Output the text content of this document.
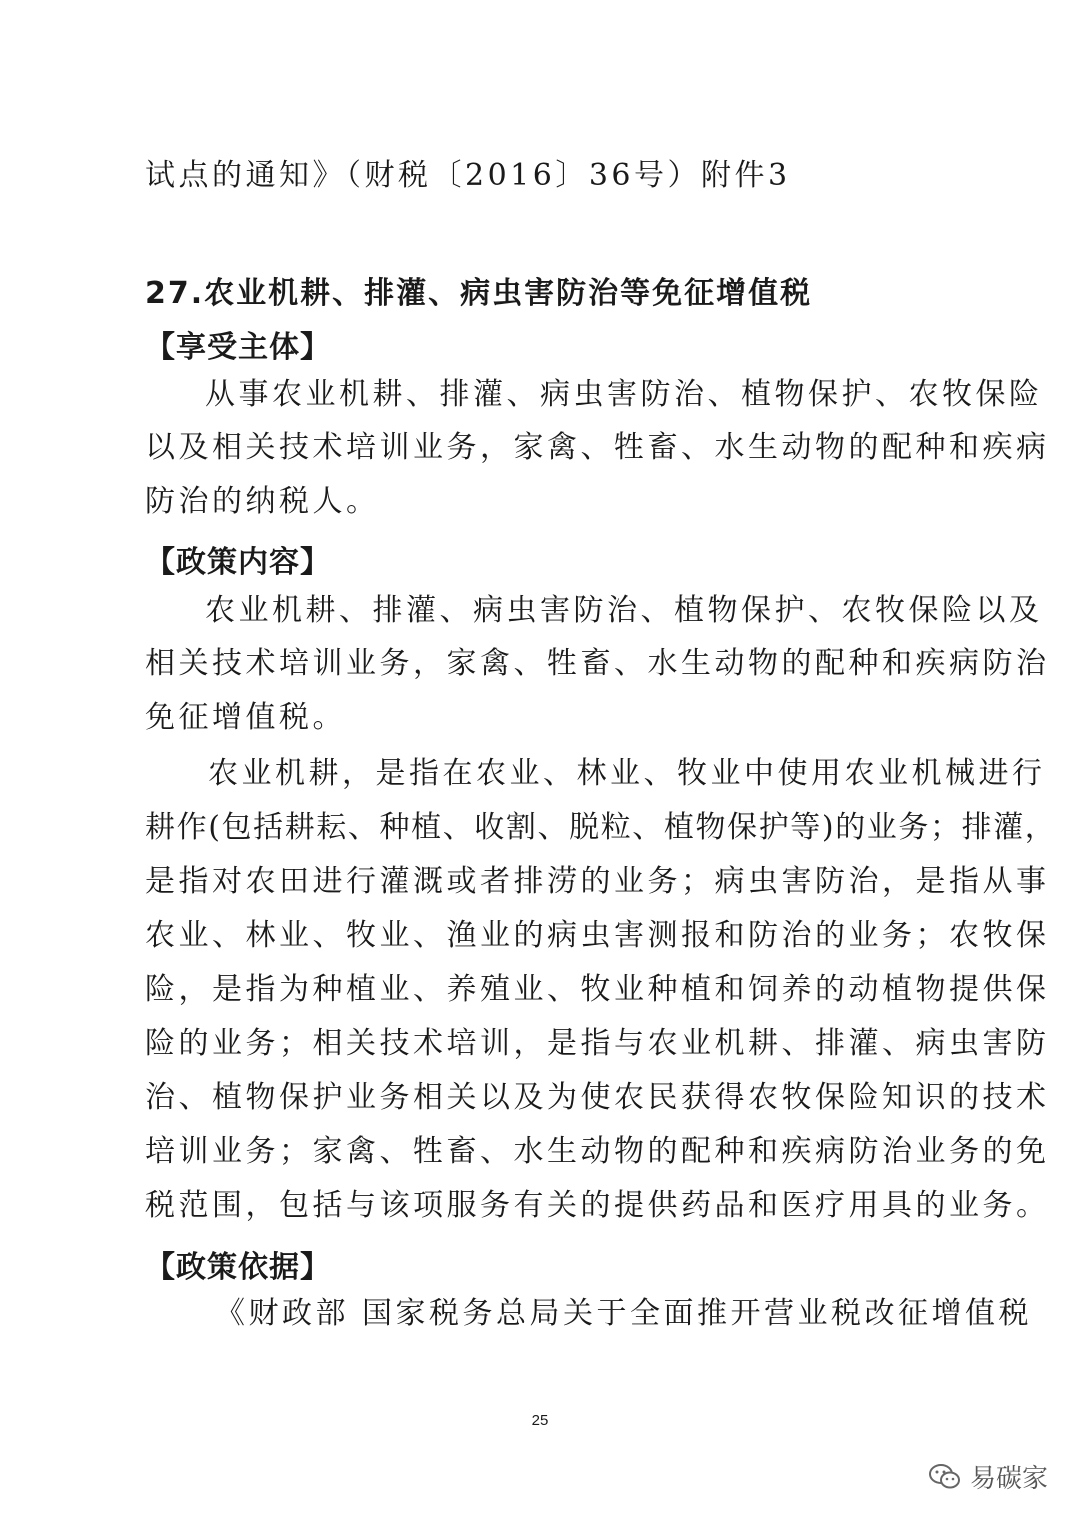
试点的通知》（财税〔2016〕36号）附件3
27.农业机耕、排灌、病虫害防治等免征增值税
【享受主体】
从事农业机耕、排灌、病虫害防治、植物保护、农牧保险
以及相关技术培训业务，家禽、牲畜、水生动物的配种和疾病
防治的纳税人。
【政策内容】
农业机耕、排灌、病虫害防治、植物保护、农牧保险以及
相关技术培训业务，家禽、牲畜、水生动物的配种和疾病防治
免征增值税。
农业机耕，是指在农业、林业、牧业中使用农业机械进行
耕作(包括耕耘、种植、收割、脱粒、植物保护等)的业务；排灌，
是指对农田进行灌溉或者排涝的业务；病虫害防治，是指从事
农业、林业、牧业、渔业的病虫害测报和防治的业务；农牧保
险，是指为种植业、养殖业、牧业种植和饲养的动植物提供保
险的业务；相关技术培训，是指与农业机耕、排灌、病虫害防
治、植物保护业务相关以及为使农民获得农牧保险知识的技术
培训业务；家禽、牲畜、水生动物的配种和疾病防治业务的免
税范围，包括与该项服务有关的提供药品和医疗用具的业务。
【政策依据】
《财政部 国家税务总局关于全面推开营业税改征增值税
25
易碳家
